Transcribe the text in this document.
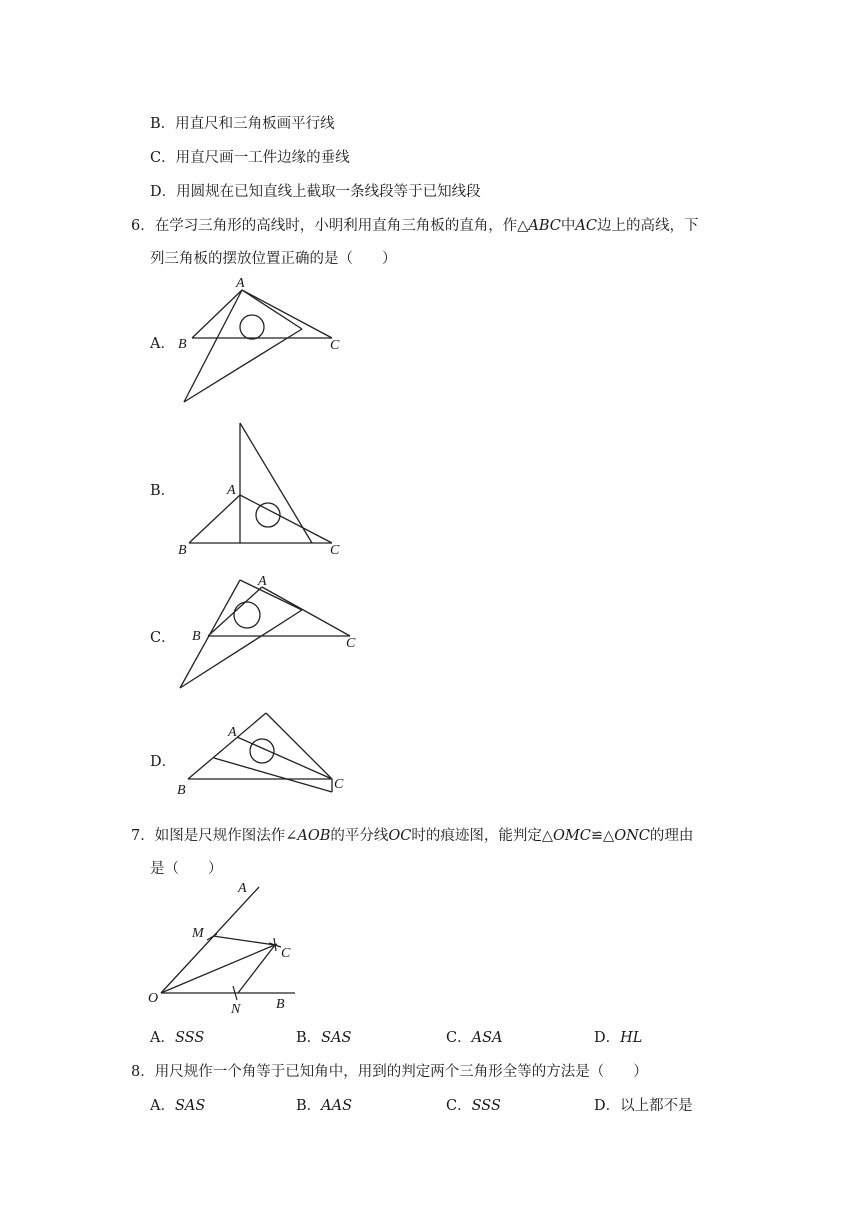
B．用直尺和三角板画平行线
C．用直尺画一工件边缘的垂线
D．用圆规在已知直线上截取一条线段等于已知线段
6．在学习三角形的高线时，小明利用直角三角板的直角，作△ABC中AC边上的高线，下
列三角板的摆放位置正确的是（　　）
A．
A
B	C
B．	A
B	C
C．
A
B	C
D．
A
B	C
7．如图是尺规作图法作∠AOB的平分线OC时的痕迹图，能判定△OMC≌△ONC的理由
是（　　）
A
M
C
O
N	B
A．SSS	B．SAS	C．ASA	D．HL
8．用尺规作一个角等于已知角中，用到的判定两个三角形全等的方法是（　　）
A．SAS	B．AAS	C．SSS	D．以上都不是
